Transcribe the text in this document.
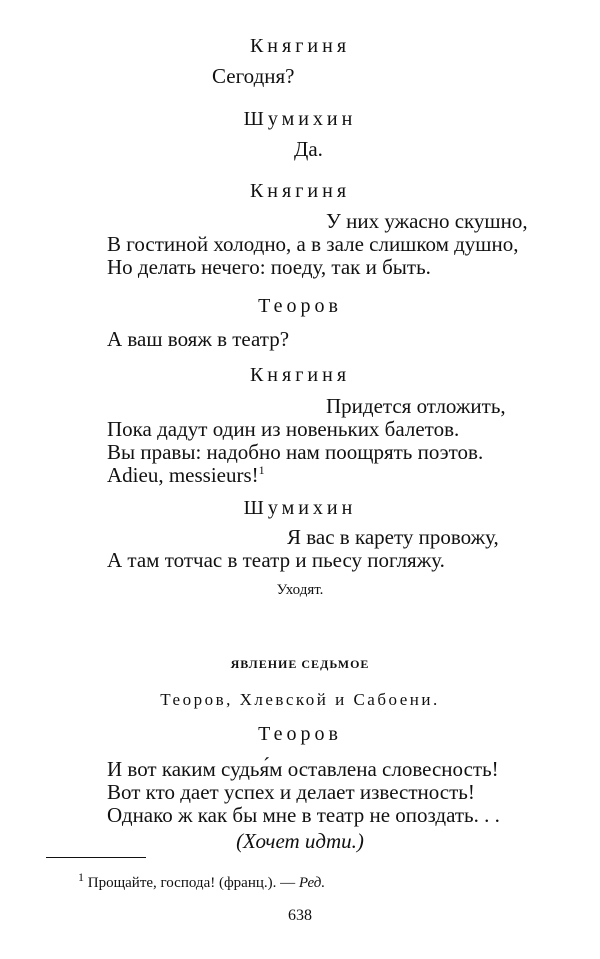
Княгиня
Сегодня?
Шумихин
Да.
Княгиня
У них ужасно скушно,
В гостиной холодно, а в зале слишком душно,
Но делать нечего: поеду, так и быть.
Теоров
А ваш вояж в театр?
Княгиня
Придется отложить,
Пока дадут один из новеньких балетов.
Вы правы: надобно нам поощрять поэтов.
Adieu, messieurs!$^1$
Шумихин
Я вас в карету провожу,
А там тотчас в театр и пьесу погляжу.
Уходят.
ЯВЛЕНИЕ СЕДЬМОЕ
Теоров, Хлевской и Сабоени.
Теоров
И вот каким судья́м оставлена словесность!
Вот кто дает успех и делает известность!
Однако ж как бы мне в театр не опоздать. . .
(Хочет идти.)
$^1$ Прощайте, господа! (франц.). — Ред.
638
